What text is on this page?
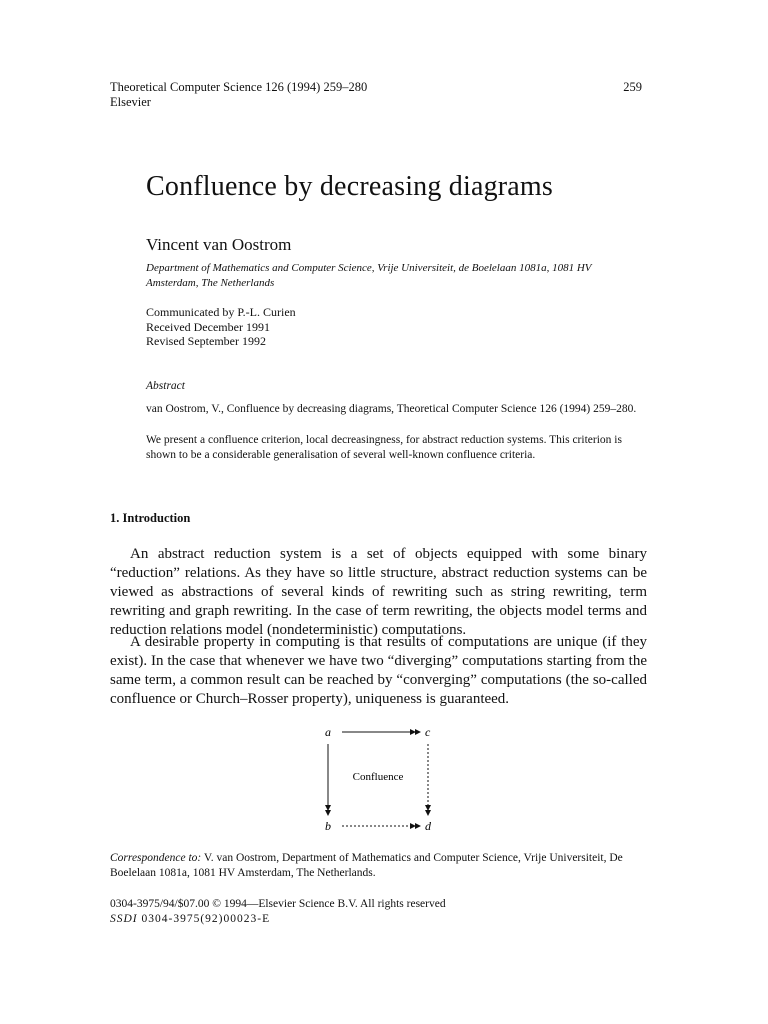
Theoretical Computer Science 126 (1994) 259–280
Elsevier
259
Confluence by decreasing diagrams
Vincent van Oostrom
Department of Mathematics and Computer Science, Vrije Universiteit, de Boelelaan 1081a, 1081 HV Amsterdam, The Netherlands
Communicated by P.-L. Curien
Received December 1991
Revised September 1992
Abstract
van Oostrom, V., Confluence by decreasing diagrams, Theoretical Computer Science 126 (1994) 259–280.
We present a confluence criterion, local decreasingness, for abstract reduction systems. This criterion is shown to be a considerable generalisation of several well-known confluence criteria.
1. Introduction
An abstract reduction system is a set of objects equipped with some binary “reduction” relations. As they have so little structure, abstract reduction systems can be viewed as abstractions of several kinds of rewriting such as string rewriting, term rewriting and graph rewriting. In the case of term rewriting, the objects model terms and reduction relations model (nondeterministic) computations.
A desirable property in computing is that results of computations are unique (if they exist). In the case that whenever we have two “diverging” computations starting from the same term, a common result can be reached by “converging” computations (the so-called confluence or Church–Rosser property), uniqueness is guaranteed.
a	c
b	d
Confluence
Correspondence to: V. van Oostrom, Department of Mathematics and Computer Science, Vrije Universiteit, De Boelelaan 1081a, 1081 HV Amsterdam, The Netherlands.
0304-3975/94/$07.00 © 1994—Elsevier Science B.V. All rights reserved
SSDI 0304-3975(92)00023-E
